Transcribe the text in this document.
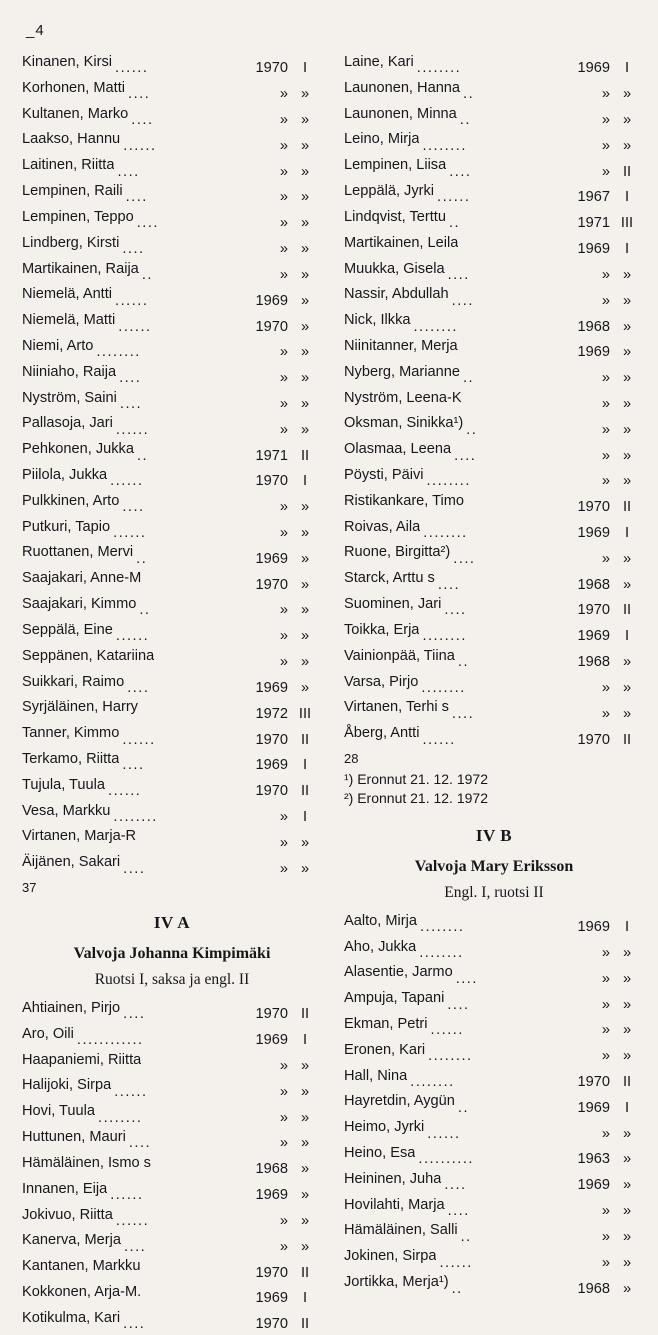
_4
Kinanen, Kirsi ......	1970	I
Korhonen, Matti ....	»	»
Kultanen, Marko ....	»	»
Laakso, Hannu ......	»	»
Laitinen, Riitta ....	»	»
Lempinen, Raili ....	»	»
Lempinen, Teppo ....	»	»
Lindberg, Kirsti ....	»	»
Martikainen, Raija ..	»	»
Niemelä, Antti ......	1969	»
Niemelä, Matti ......	1970	»
Niemi, Arto ........	»	»
Niiniaho, Raija ....	»	»
Nyström, Saini ....	»	»
Pallasoja, Jari ......	»	»
Pehkonen, Jukka ..	1971	II
Piilola, Jukka ......	1970	I
Pulkkinen, Arto ....	»	»
Putkuri, Tapio ......	»	»
Ruottanen, Mervi ..	1969	»
Saajakari, Anne-M	1970	»
Saajakari, Kimmo ..	»	»
Seppälä, Eine ......	»	»
Seppänen, Katariina	»	»
Suikkari, Raimo ....	1969	»
Syrjäläinen, Harry	1972	III
Tanner, Kimmo ......	1970	II
Terkamo, Riitta ....	1969	I
Tujula, Tuula ......	1970	II
Vesa, Markku ........	»	I
Virtanen, Marja-R	»	»
Äijänen, Sakari ....	»	»
37
IV A
Valvoja Johanna Kimpimäki
Ruotsi I, saksa ja engl. II
Ahtiainen, Pirjo ....	1970	II
Aro, Oili ............	1969	I
Haapaniemi, Riitta	»	»
Halijoki, Sirpa ......	»	»
Hovi, Tuula ........	»	»
Huttunen, Mauri ....	»	»
Hämäläinen, Ismo s	1968	»
Innanen, Eija ......	1969	»
Jokivuo, Riitta ......	»	»
Kanerva, Merja ....	»	»
Kantanen, Markku	1970	II
Kokkonen, Arja-M.	1969	I
Kotikulma, Kari ....	1970	II
Laine, Kari ........	1969	I
Launonen, Hanna ..	»	»
Launonen, Minna ..	»	»
Leino, Mirja ........	»	»
Lempinen, Liisa ....	»	II
Leppälä, Jyrki ......	1967	I
Lindqvist, Terttu ..	1971	III
Martikainen, Leila	1969	I
Muukka, Gisela ....	»	»
Nassir, Abdullah ....	»	»
Nick, Ilkka ........	1968	»
Niinitanner, Merja	1969	»
Nyberg, Marianne ..	»	»
Nyström, Leena-K	»	»
Oksman, Sinikka¹) ..	»	»
Olasmaa, Leena ....	»	»
Pöysti, Päivi ........	»	»
Ristikankare, Timo	1970	II
Roivas, Aila ........	1969	I
Ruone, Birgitta²) ....	»	»
Starck, Arttu s ....	1968	»
Suominen, Jari ....	1970	II
Toikka, Erja ........	1969	I
Vainionpää, Tiina ..	1968	»
Varsa, Pirjo ........	»	»
Virtanen, Terhi s ....	»	»
Åberg, Antti ......	1970	II
28
¹) Eronnut 21. 12. 1972
²) Eronnut 21. 12. 1972
IV B
Valvoja Mary Eriksson
Engl. I, ruotsi II
Aalto, Mirja ........	1969	I
Aho, Jukka ........	»	»
Alasentie, Jarmo ....	»	»
Ampuja, Tapani ....	»	»
Ekman, Petri ......	»	»
Eronen, Kari ........	»	»
Hall, Nina ........	1970	II
Hayretdin, Aygün ..	1969	I
Heimo, Jyrki ......	»	»
Heino, Esa ..........	1963	»
Heininen, Juha ....	1969	»
Hovilahti, Marja ....	»	»
Hämäläinen, Salli ..	»	»
Jokinen, Sirpa ......	»	»
Jortikka, Merja¹) ..	1968	»
